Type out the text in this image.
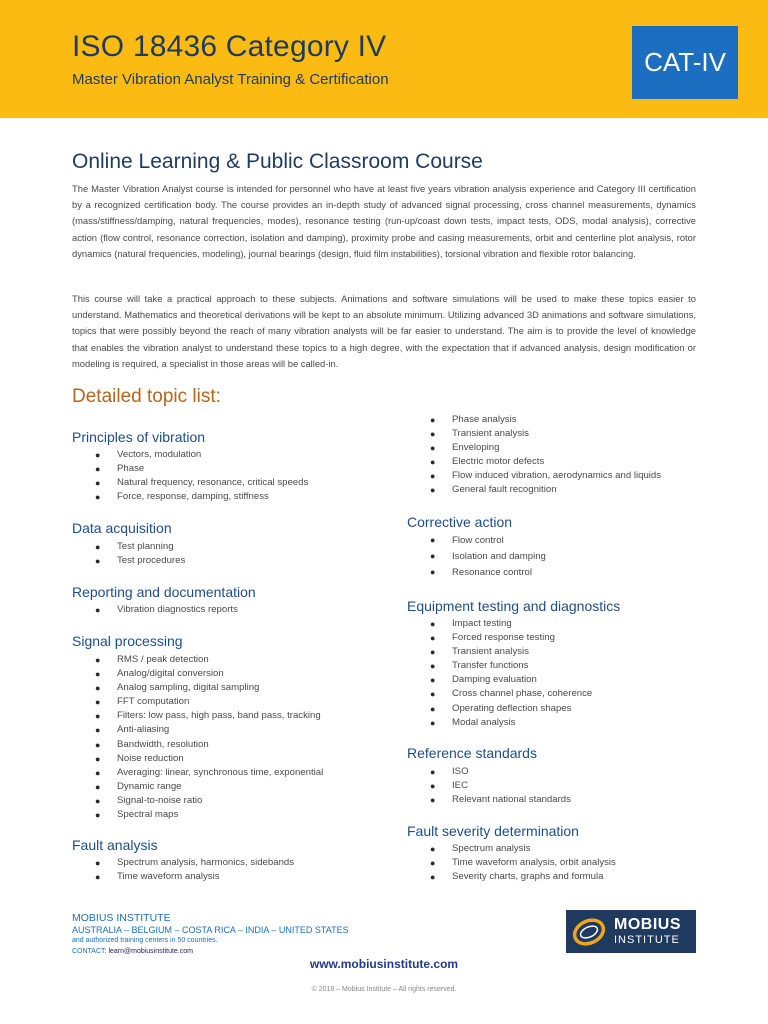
ISO 18436 Category IV
Master Vibration Analyst Training & Certification
CAT-IV
Online Learning & Public Classroom Course
The Master Vibration Analyst course is intended for personnel who have at least five years vibration analysis experience and Category III certification by a recognized certification body. The course provides an in-depth study of advanced signal processing, cross channel measurements, dynamics (mass/stiffness/damping, natural frequencies, modes), resonance testing (run-up/coast down tests, impact tests, ODS, modal analysis), corrective action (flow control, resonance correction, isolation and damping), proximity probe and casing measurements, orbit and centerline plot analysis, rotor dynamics (natural frequencies, modeling), journal bearings (design, fluid film instabilities), torsional vibration and flexible rotor balancing.
This course will take a practical approach to these subjects. Animations and software simulations will be used to make these topics easier to understand. Mathematics and theoretical derivations will be kept to an absolute minimum. Utilizing advanced 3D animations and software simulations, topics that were possibly beyond the reach of many vibration analysts will be far easier to understand. The aim is to provide the level of knowledge that enables the vibration analyst to understand these topics to a high degree, with the expectation that if advanced analysis, design modification or modeling is required, a specialist in those areas will be called-in.
Detailed topic list:
Principles of vibration
● Vectors, modulation
● Phase
● Natural frequency, resonance, critical speeds
● Force, response, damping, stiffness
Data acquisition
● Test planning
● Test procedures
Reporting and documentation
● Vibration diagnostics reports
Signal processing
● RMS / peak detection
● Analog/digital conversion
● Analog sampling, digital sampling
● FFT computation
● Filters: low pass, high pass, band pass, tracking
● Anti-aliasing
● Bandwidth, resolution
● Noise reduction
● Averaging: linear, synchronous time, exponential
● Dynamic range
● Signal-to-noise ratio
● Spectral maps
Fault analysis
● Spectrum analysis, harmonics, sidebands
● Time waveform analysis
● Phase analysis
● Transient analysis
● Enveloping
● Electric motor defects
● Flow induced vibration, aerodynamics and liquids
● General fault recognition
Corrective action
● Flow control
● Isolation and damping
● Resonance control
Equipment testing and diagnostics
● Impact testing
● Forced response testing
● Transient analysis
● Transfer functions
● Damping evaluation
● Cross channel phase, coherence
● Operating deflection shapes
● Modal analysis
Reference standards
● ISO
● IEC
● Relevant national standards
Fault severity determination
● Spectrum analysis
● Time waveform analysis, orbit analysis
● Severity charts, graphs and formula
MOBIUS INSTITUTE
AUSTRALIA – BELGIUM – COSTA RICA – INDIA – UNITED STATES
and authorized training centers in 50 countries.
CONTACT: learn@mobiusinstitute.com
MOBIUS
INSTITUTE
www.mobiusinstitute.com
© 2018 – Mobius Institute – All rights reserved.
